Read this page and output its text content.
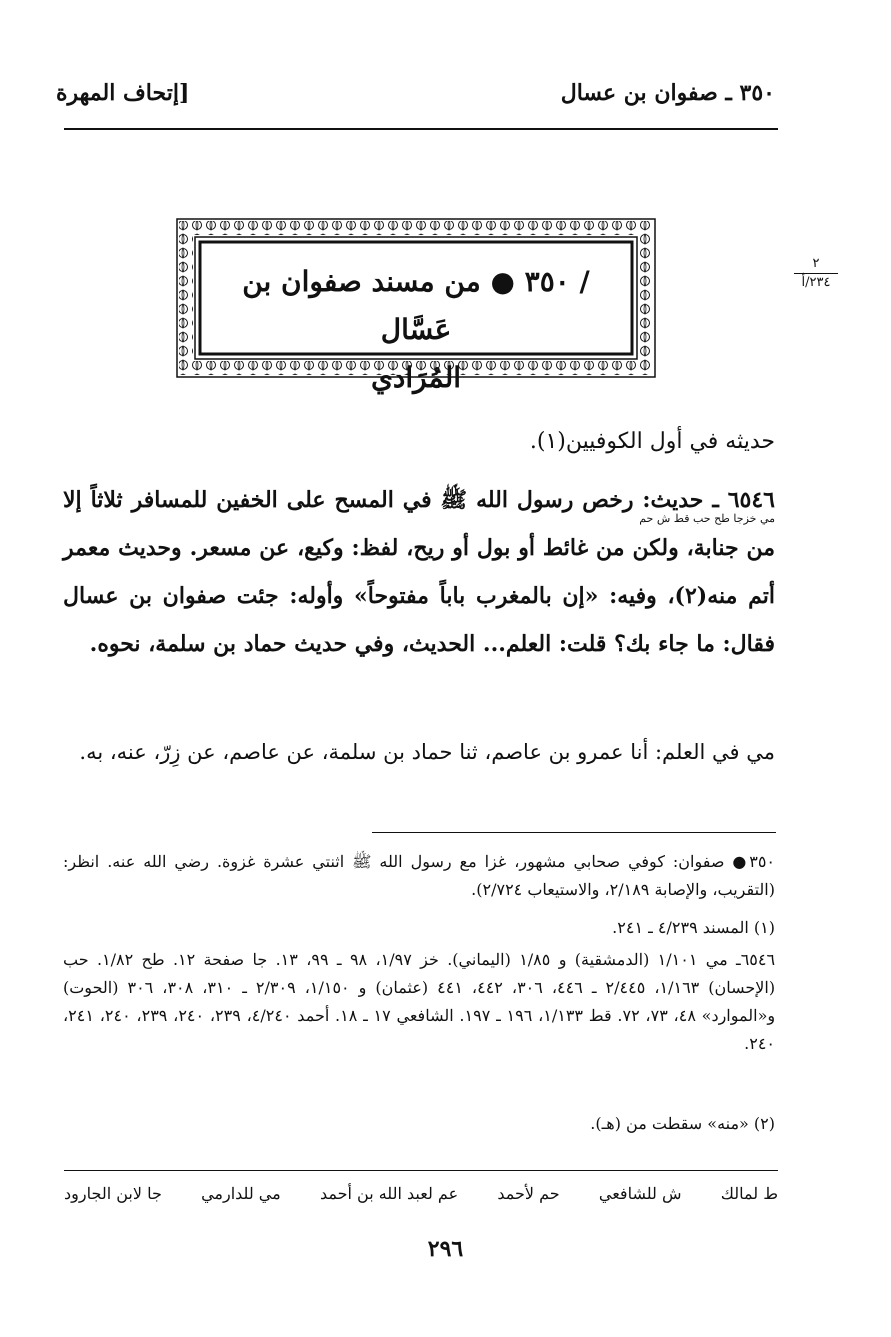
[إتحاف المهرة	٣٥٠ ـ صفوان بن عسال
٢
٢٣٤/أ
/ ٣٥٠ ● من مسند صفوان بن عَسَّال
المُرَادي
حديثه في أول الكوفيين(١).
مي خزجا طح حب قط ش حم
٦٥٤٦ ـ حديث: رخص رسول الله ﷺ في المسح على الخفين للمسافر ثلاثاً إلا من جنابة، ولكن من غائط أو بول أو ريح، لفظ: وكيع، عن مسعر. وحديث معمر أتم منه(٢)، وفيه: «إن بالمغرب باباً مفتوحاً» وأوله: جئت صفوان بن عسال فقال: ما جاء بك؟ قلت: العلم... الحديث، وفي حديث حماد بن سلمة، نحوه.
مي في العلم: أنا عمرو بن عاصم، ثنا حماد بن سلمة، عن عاصم، عن زِرّ، عنه، به.
٣٥٠● صفوان: كوفي صحابي مشهور، غزا مع رسول الله ﷺ اثنتي عشرة غزوة. رضي الله عنه. انظر: (التقريب، والإصابة ٢/١٨٩، والاستيعاب ٢/٧٢٤).
(١) المسند ٤/٢٣٩ ـ ٢٤١.
٦٥٤٦ـ مي ١/١٠١ (الدمشقية) و ١/٨٥ (اليماني). خز ١/٩٧، ٩٨ ـ ٩٩، ١٣. جا صفحة ١٢. طح ١/٨٢. حب (الإحسان) ١/١٦٣، ٢/٤٤٥ ـ ٤٤٦، ٣٠٦، ٤٤٢، ٤٤١ (عثمان) و ١/١٥٠، ٢/٣٠٩ ـ ٣١٠، ٣٠٨، ٣٠٦ (الحوت) و«الموارد» ٤٨، ٧٣، ٧٢. قط ١/١٣٣، ١٩٦ ـ ١٩٧. الشافعي ١٧ ـ ١٨. أحمد ٤/٢٤٠، ٢٣٩، ٢٤٠، ٢٣٩، ٢٤٠، ٢٤١، ٢٤٠.
(٢) «منه» سقطت من (هـ).
ط لمالك
ش للشافعي
حم لأحمد
عم لعبد الله بن أحمد
مي للدارمي
جا لابن الجارود
٢٩٦
